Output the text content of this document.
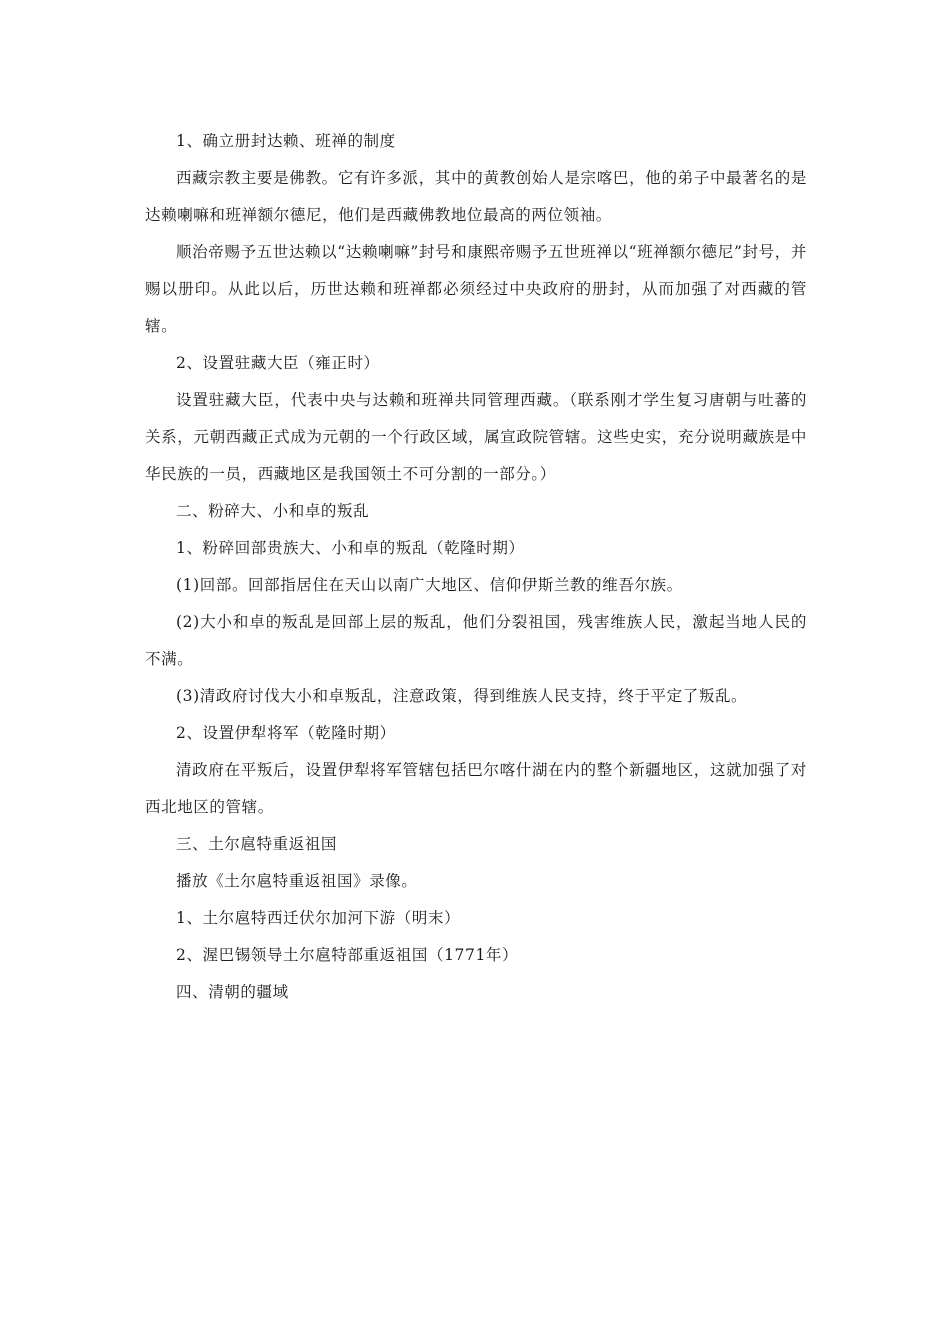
1、确立册封达赖、班禅的制度

西藏宗教主要是佛教。它有许多派，其中的黄教创始人是宗喀巴，他的弟子中最著名的是达赖喇嘛和班禅额尔德尼，他们是西藏佛教地位最高的两位领袖。

顺治帝赐予五世达赖以“达赖喇嘛”封号和康熙帝赐予五世班禅以“班禅额尔德尼”封号，并赐以册印。从此以后，历世达赖和班禅都必须经过中央政府的册封，从而加强了对西藏的管辖。

2、设置驻藏大臣（雍正时）

设置驻藏大臣，代表中央与达赖和班禅共同管理西藏。（联系刚才学生复习唐朝与吐蕃的关系，元朝西藏正式成为元朝的一个行政区域，属宣政院管辖。这些史实，充分说明藏族是中华民族的一员，西藏地区是我国领土不可分割的一部分。）

二、粉碎大、小和卓的叛乱

1、粉碎回部贵族大、小和卓的叛乱（乾隆时期）

(1)回部。回部指居住在天山以南广大地区、信仰伊斯兰教的维吾尔族。

(2)大小和卓的叛乱是回部上层的叛乱，他们分裂祖国，残害维族人民，激起当地人民的不满。

(3)清政府讨伐大小和卓叛乱，注意政策，得到维族人民支持，终于平定了叛乱。

2、设置伊犁将军（乾隆时期）

清政府在平叛后，设置伊犁将军管辖包括巴尔喀什湖在内的整个新疆地区，这就加强了对西北地区的管辖。

三、土尔扈特重返祖国

播放《土尔扈特重返祖国》录像。

1、土尔扈特西迁伏尔加河下游（明末）

2、渥巴锡领导土尔扈特部重返祖国（1771年）

四、清朝的疆域
